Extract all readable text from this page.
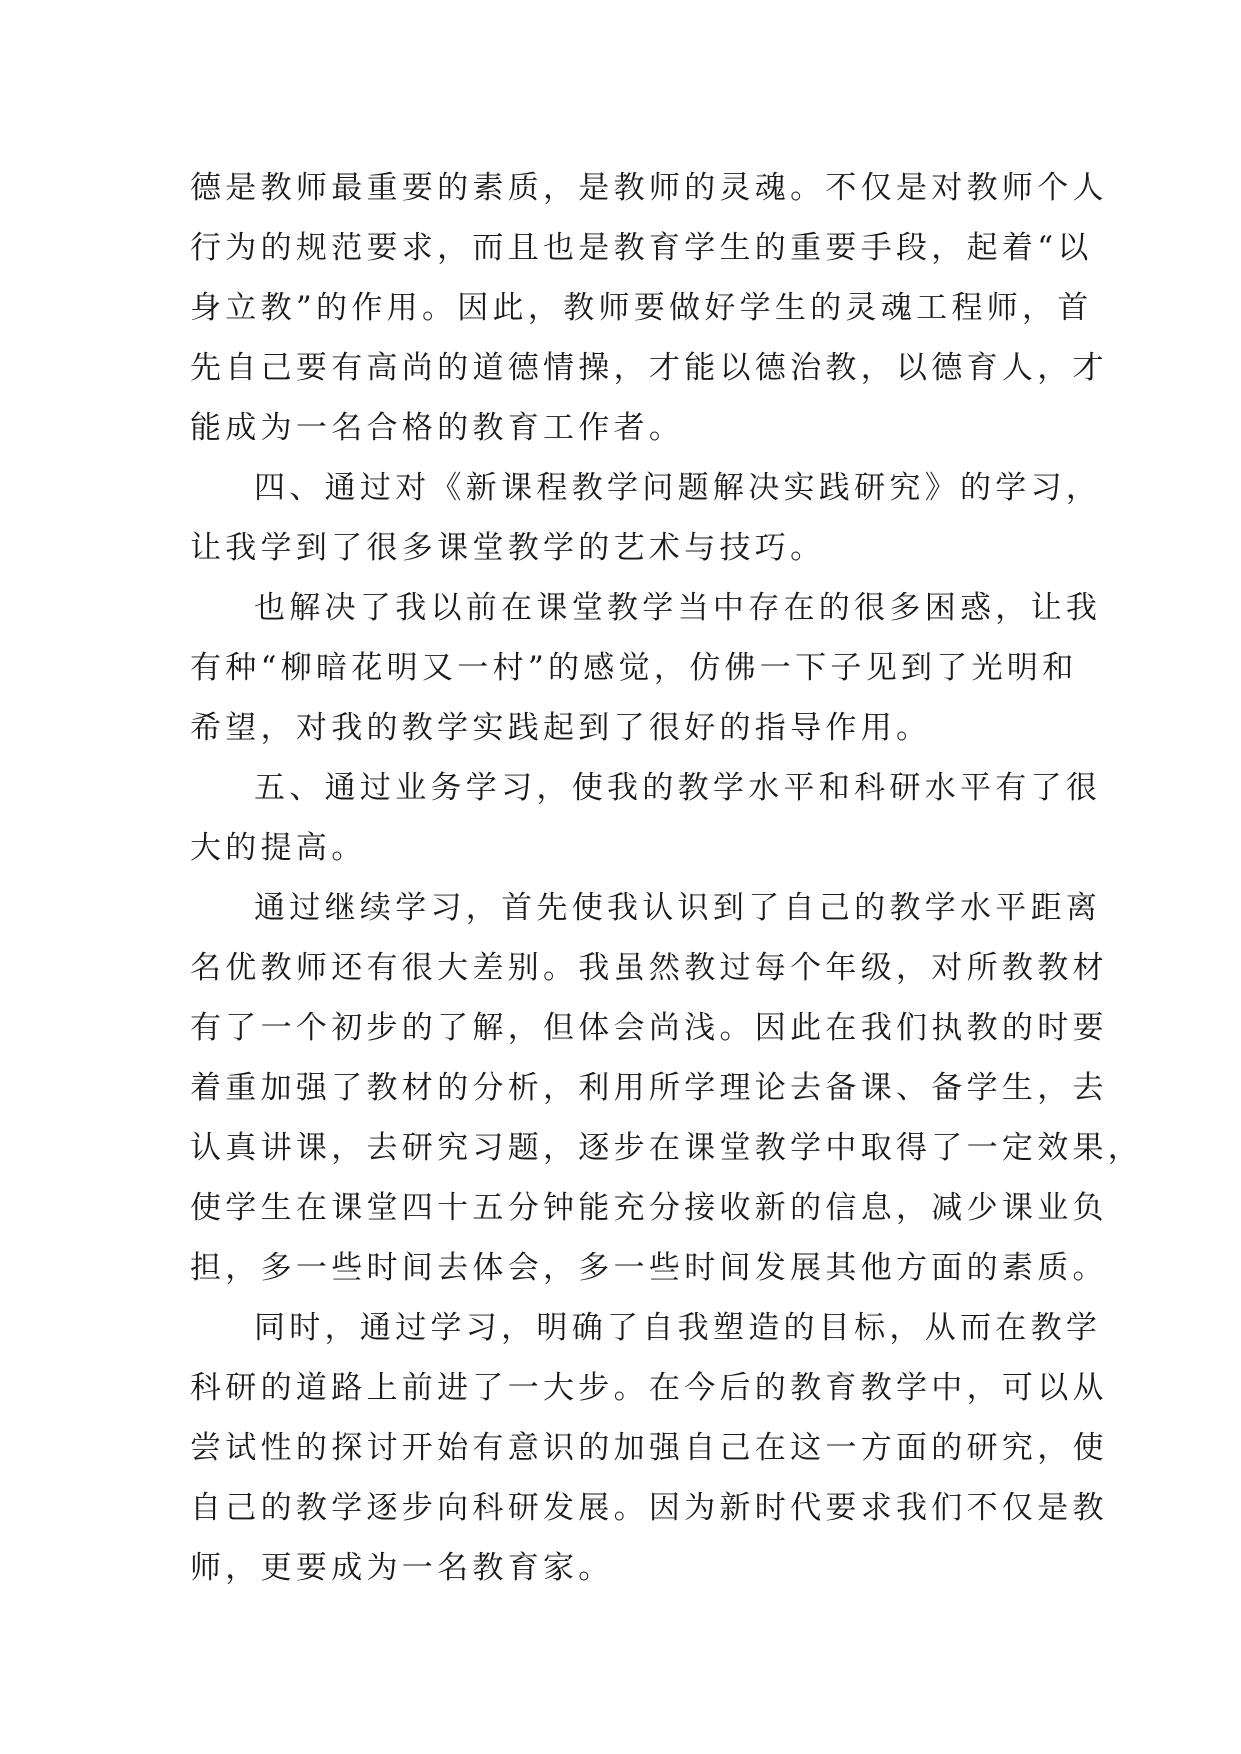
德是教师最重要的素质，是教师的灵魂。不仅是对教师个人
行为的规范要求，而且也是教育学生的重要手段，起着“以
身立教”的作用。因此，教师要做好学生的灵魂工程师，首
先自己要有高尚的道德情操，才能以德治教，以德育人，才
能成为一名合格的教育工作者。
四、通过对《新课程教学问题解决实践研究》的学习，
让我学到了很多课堂教学的艺术与技巧。
也解决了我以前在课堂教学当中存在的很多困惑，让我
有种“柳暗花明又一村”的感觉，仿佛一下子见到了光明和
希望，对我的教学实践起到了很好的指导作用。
五、通过业务学习，使我的教学水平和科研水平有了很
大的提高。
通过继续学习，首先使我认识到了自己的教学水平距离
名优教师还有很大差别。我虽然教过每个年级，对所教教材
有了一个初步的了解，但体会尚浅。因此在我们执教的时要
着重加强了教材的分析，利用所学理论去备课、备学生，去
认真讲课，去研究习题，逐步在课堂教学中取得了一定效果，
使学生在课堂四十五分钟能充分接收新的信息，减少课业负
担，多一些时间去体会，多一些时间发展其他方面的素质。
同时，通过学习，明确了自我塑造的目标，从而在教学
科研的道路上前进了一大步。在今后的教育教学中，可以从
尝试性的探讨开始有意识的加强自己在这一方面的研究，使
自己的教学逐步向科研发展。因为新时代要求我们不仅是教
师，更要成为一名教育家。
